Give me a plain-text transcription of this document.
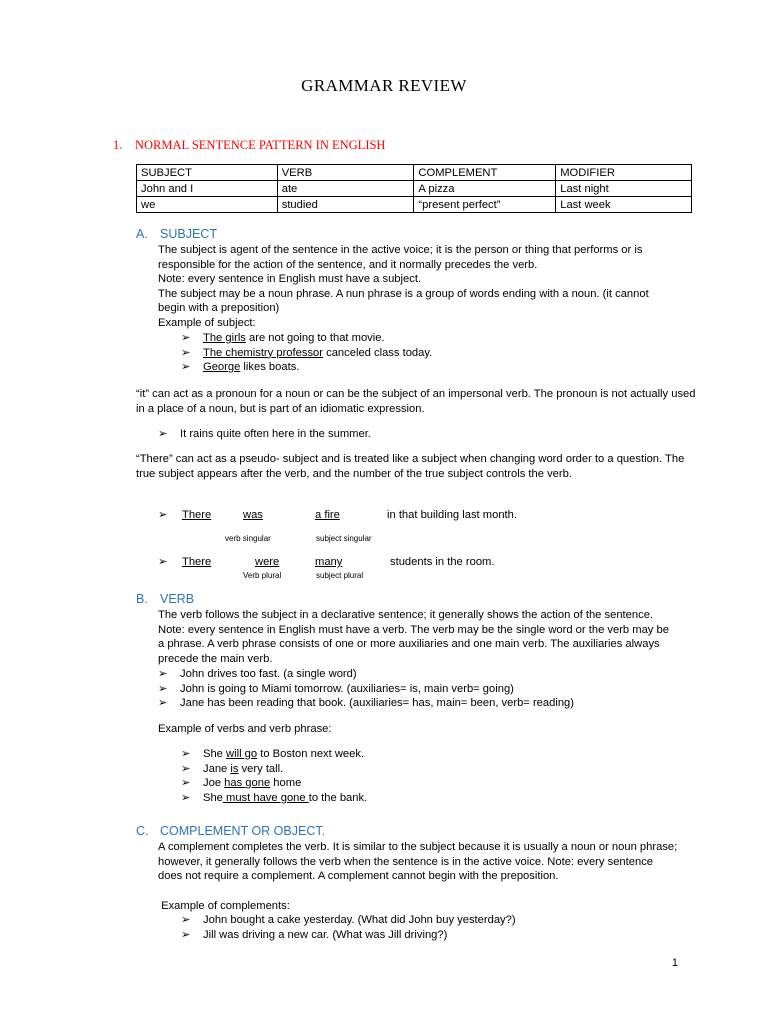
GRAMMAR REVIEW
1. NORMAL SENTENCE PATTERN IN ENGLISH
SUBJECT	VERB	COMPLEMENT	MODIFIER
John and I	ate	A pizza	Last night
we	studied	“present perfect”	Last week
A. SUBJECT

The subject is agent of the sentence in the active voice; it is the person or thing that performs or is responsible for the action of the sentence, and it normally precedes the verb.

Note: every sentence in English must have a subject.

The subject may be a noun phrase. A nun phrase is a group of words ending with a noun. (it cannot begin with a preposition)

Example of subject:

➢ The girls are not going to that movie.
➢ The chemistry professor canceled class today.
➢ George likes boats.
“it” can act as a pronoun for a noun or can be the subject of an impersonal verb. The pronoun is not actually used in a place of a noun, but is part of an idiomatic expression.
➢ It rains quite often here in the summer.
“There” can act as a pseudo- subject and is treated like a subject when changing word order to a question. The true subject appears after the verb, and the number of the true subject controls the verb.
➢ There	was	a fire	in that building last month.
verb singular	subject singular
➢ There	were	many	students in the room.
Verb plural	subject plural
B. VERB
The verb follows the subject in a declarative sentence; it generally shows the action of the sentence. Note: every sentence in English must have a verb. The verb may be the single word or the verb may be a phrase. A verb phrase consists of one or more auxiliaries and one main verb. The auxiliaries always precede the main verb.
➢ John drives too fast. (a single word)
➢ John is going to Miami tomorrow. (auxiliaries= is, main verb= going)
➢ Jane has been reading that book. (auxiliaries= has, main= been, verb= reading)
Example of verbs and verb phrase:
➢ She will go to Boston next week.
➢ Jane is very tall.
➢ Joe has gone home
➢ She must have gone to the bank.
C. COMPLEMENT OR OBJECT.
A complement completes the verb. It is similar to the subject because it is usually a noun or noun phrase; however, it generally follows the verb when the sentence is in the active voice. Note: every sentence does not require a complement. A complement cannot begin with the preposition.
Example of complements:
➢ John bought a cake yesterday. (What did John buy yesterday?)
➢ Jill was driving a new car. (What was Jill driving?)
1
